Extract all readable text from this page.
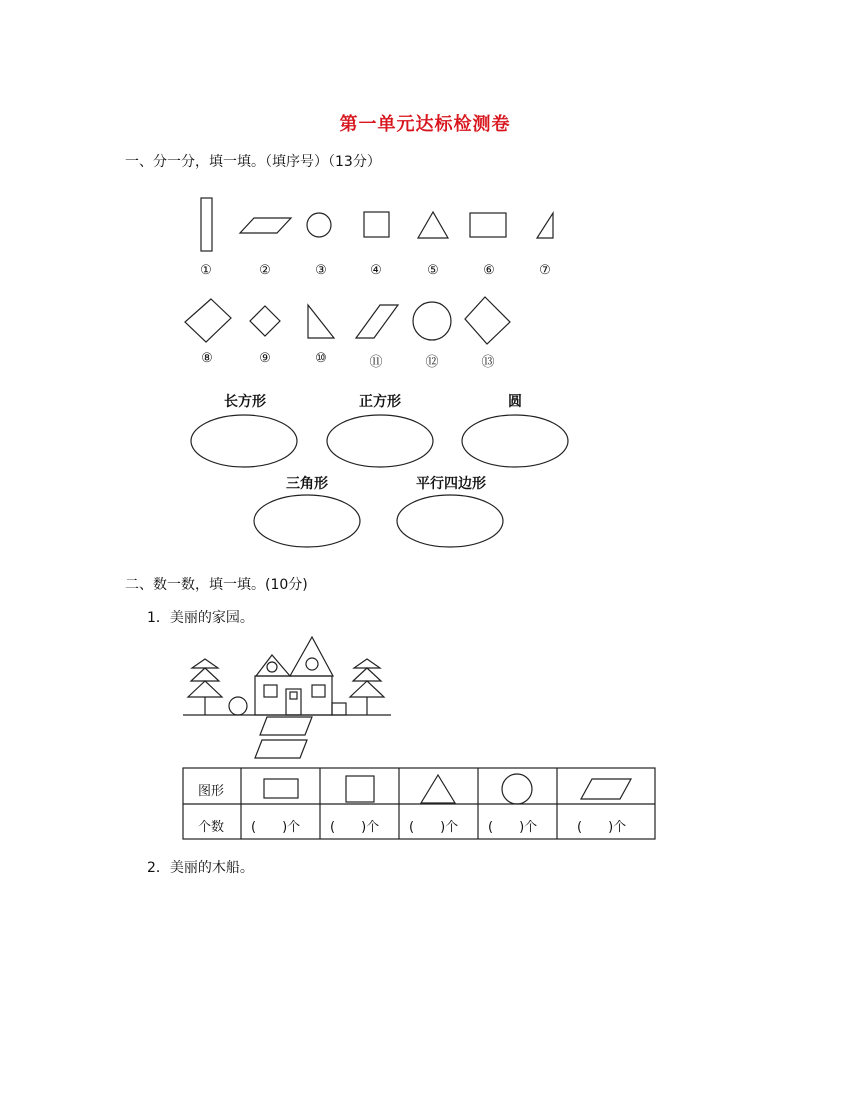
第一单元达标检测卷
一、分一分，填一填。（填序号）（13分）
①	②	③	④	⑤	⑥	⑦
⑧	⑨	⑩	⑪	⑫	⑬
长方形	正方形	圆
三角形	平行四边形
二、数一数，填一填。(10分)
1．美丽的家园。
2．美丽的木船。
图形
个数 (　　)个 (　　)个 (　　)个 (　　)个	(　　)个
